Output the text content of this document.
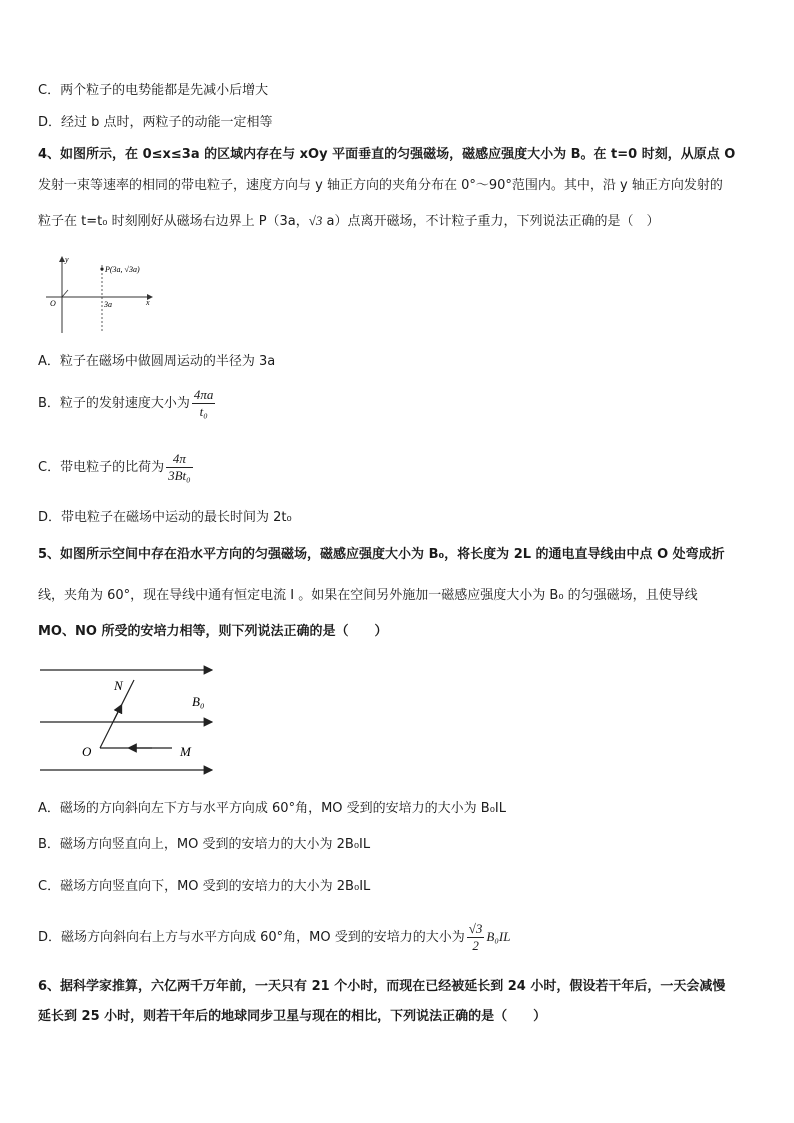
C．两个粒子的电势能都是先减小后增大
D．经过 b 点时，两粒子的动能一定相等
4、如图所示，在 0≤x≤3a 的区域内存在与 xOy 平面垂直的匀强磁场，磁感应强度大小为 B。在 t=0 时刻，从原点 O
发射一束等速率的相同的带电粒子，速度方向与 y 轴正方向的夹角分布在 0°～90°范围内。其中，沿 y 轴正方向发射的
粒子在 t=t₀ 时刻刚好从磁场右边界上 P（3a，√3 a）点离开磁场，不计粒子重力，下列说法正确的是（　）
y
x
O	3a
P(3a, √3a)
A．粒子在磁场中做圆周运动的半径为 3a
B．粒子的发射速度大小为 $\frac{4\pi a}{\text{t₀}}$
C．带电粒子的比荷为 $\frac{4\pi}{\text{3Bt₀}}$
D．带电粒子在磁场中运动的最长时间为 2t₀
5、如图所示空间中存在沿水平方向的匀强磁场，磁感应强度大小为 B₀，将长度为 2L 的通电直导线由中点 O 处弯成折
线，夹角为 60°，现在导线中通有恒定电流 I 。如果在空间另外施加一磁感应强度大小为 B₀ 的匀强磁场，且使导线
MO、NO 所受的安培力相等，则下列说法正确的是（　　）
N
O	M
B₀
A．磁场的方向斜向左下方与水平方向成 60°角，MO 受到的安培力的大小为 B₀IL
B．磁场方向竖直向上，MO 受到的安培力的大小为 2B₀IL
C．磁场方向竖直向下，MO 受到的安培力的大小为 2B₀IL
D．磁场方向斜向右上方与水平方向成 60°角，MO 受到的安培力的大小为 $\frac{√3}{2} B_0IL$
6、据科学家推算，六亿两千万年前，一天只有 21 个小时，而现在已经被延长到 24 小时，假设若干年后，一天会减慢
延长到 25 小时，则若干年后的地球同步卫星与现在的相比，下列说法正确的是（　　）
